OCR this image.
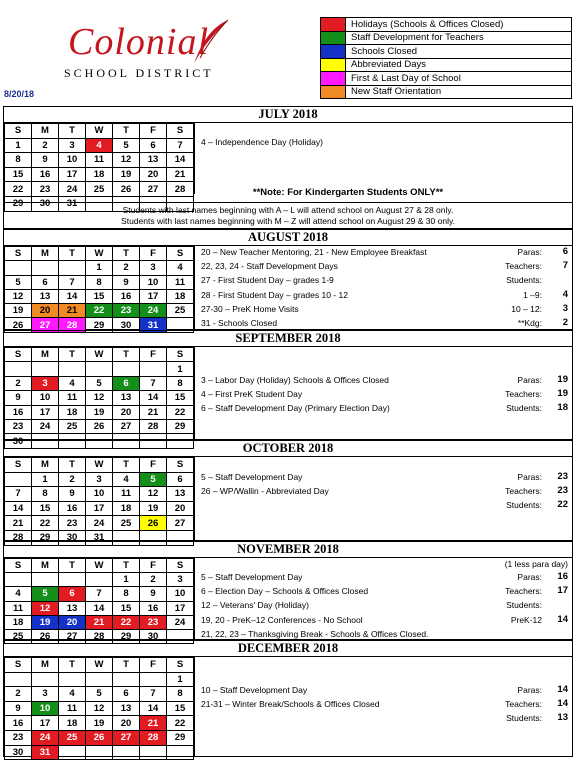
Colonial
SCHOOL DISTRICT
8/20/18
	Holidays (Schools & Offices Closed)
	Staff Development for Teachers
	Schools Closed
	Abbreviated Days
	First & Last Day of School
	New Staff Orientation
JULY 2018
S	M	T	W	T	F	S
1	2	3	4	5	6	7
8	9	10	11	12	13	14
15	16	17	18	19	20	21
22	23	24	25	26	27	28
29	30	31				
4 – Independence Day (Holiday)
**Note: For Kindergarten Students ONLY**
Students with last names beginning with A – L will attend school on August 27 & 28 only.
Students with last names beginning with M – Z will attend school on August 29 & 30 only.
AUGUST 2018
S	M	T	W	T	F	S
			1	2	3	4
5	6	7	8	9	10	11
12	13	14	15	16	17	18
19	20	21	22	23	24	25
26	27	28	29	30	31	
20 – New Teacher Mentoring, 21 - New Employee Breakfast
22, 23, 24 - Staff Development Days
27 - First Student Day – grades 1-9
28 - First Student Day – grades 10 - 12
27-30 – PreK Home Visits
31 - Schools Closed
Paras: 6
Teachers: 7
Students:
1 –9: 4
10 – 12: 3
**Kdg: 2
SEPTEMBER 2018
S	M	T	W	T	F	S
						1
2	3	4	5	6	7	8
9	10	11	12	13	14	15
16	17	18	19	20	21	22
23	24	25	26	27	28	29
30						
3 – Labor Day (Holiday) Schools & Offices Closed
4 – First PreK Student Day
6 – Staff Development Day (Primary Election Day)
Paras: 19
Teachers: 19
Students: 18
OCTOBER 2018
S	M	T	W	T	F	S
	1	2	3	4	5	6
7	8	9	10	11	12	13
14	15	16	17	18	19	20
21	22	23	24	25	26	27
28	29	30	31			
5 – Staff Development Day
26 – WP/Wallin - Abbreviated Day
Paras: 23
Teachers: 23
Students: 22
NOVEMBER 2018
S	M	T	W	T	F	S
				1	2	3
4	5	6	7	8	9	10
11	12	13	14	15	16	17
18	19	20	21	22	23	24
25	26	27	28	29	30	
5 – Staff Development Day
6 – Election Day – Schools & Offices Closed
12 – Veterans' Day (Holiday)
19, 20 - PreK–12 Conferences - No School
21, 22, 23 – Thanksgiving Break - Schools & Offices Closed.
Paras: 16
Teachers: 17
Students:
PreK-12 14
(1 less para day)
DECEMBER 2018
S	M	T	W	T	F	S
						1
2	3	4	5	6	7	8
9	10	11	12	13	14	15
16	17	18	19	20	21	22
23	24	25	26	27	28	29
30	31					
10 – Staff Development Day
21-31 – Winter Break/Schools & Offices Closed
Paras: 14
Teachers: 14
Students: 13
